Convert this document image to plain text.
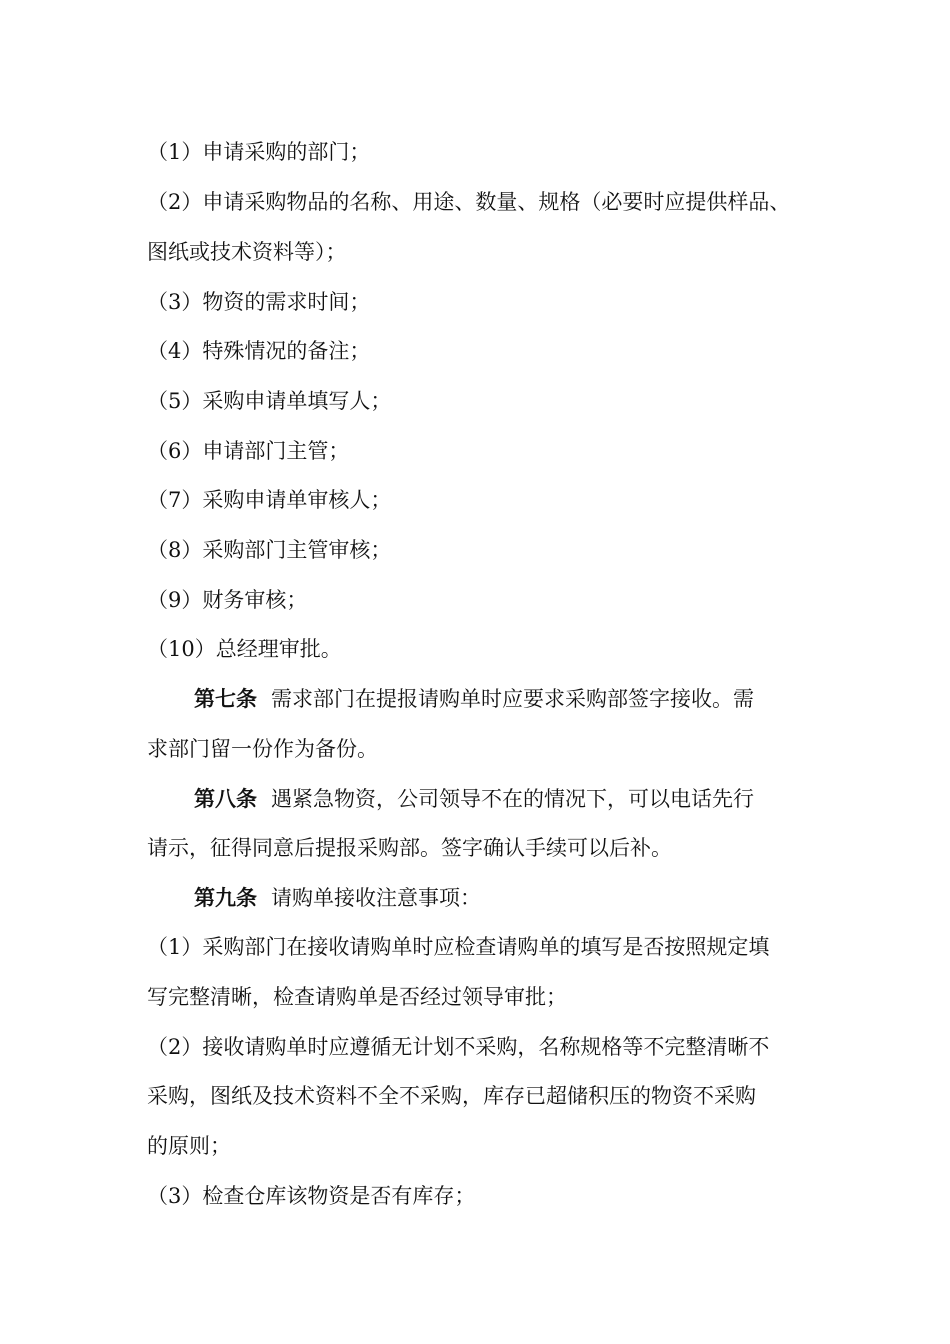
（1）申请采购的部门；
（2）申请采购物品的名称、用途、数量、规格（必要时应提供样品、
图纸或技术资料等）；
（3）物资的需求时间；
（4）特殊情况的备注；
（5）采购申请单填写人；
（6）申请部门主管；
（7）采购申请单审核人；
（8）采购部门主管审核；
（9）财务审核；
（10）总经理审批。
第七条 需求部门在提报请购单时应要求采购部签字接收。需
求部门留一份作为备份。
第八条 遇紧急物资，公司领导不在的情况下，可以电话先行
请示，征得同意后提报采购部。签字确认手续可以后补。
第九条 请购单接收注意事项：
（1）采购部门在接收请购单时应检查请购单的填写是否按照规定填
写完整清晰，检查请购单是否经过领导审批；
（2）接收请购单时应遵循无计划不采购，名称规格等不完整清晰不
采购，图纸及技术资料不全不采购，库存已超储积压的物资不采购
的原则；
（3）检查仓库该物资是否有库存；
